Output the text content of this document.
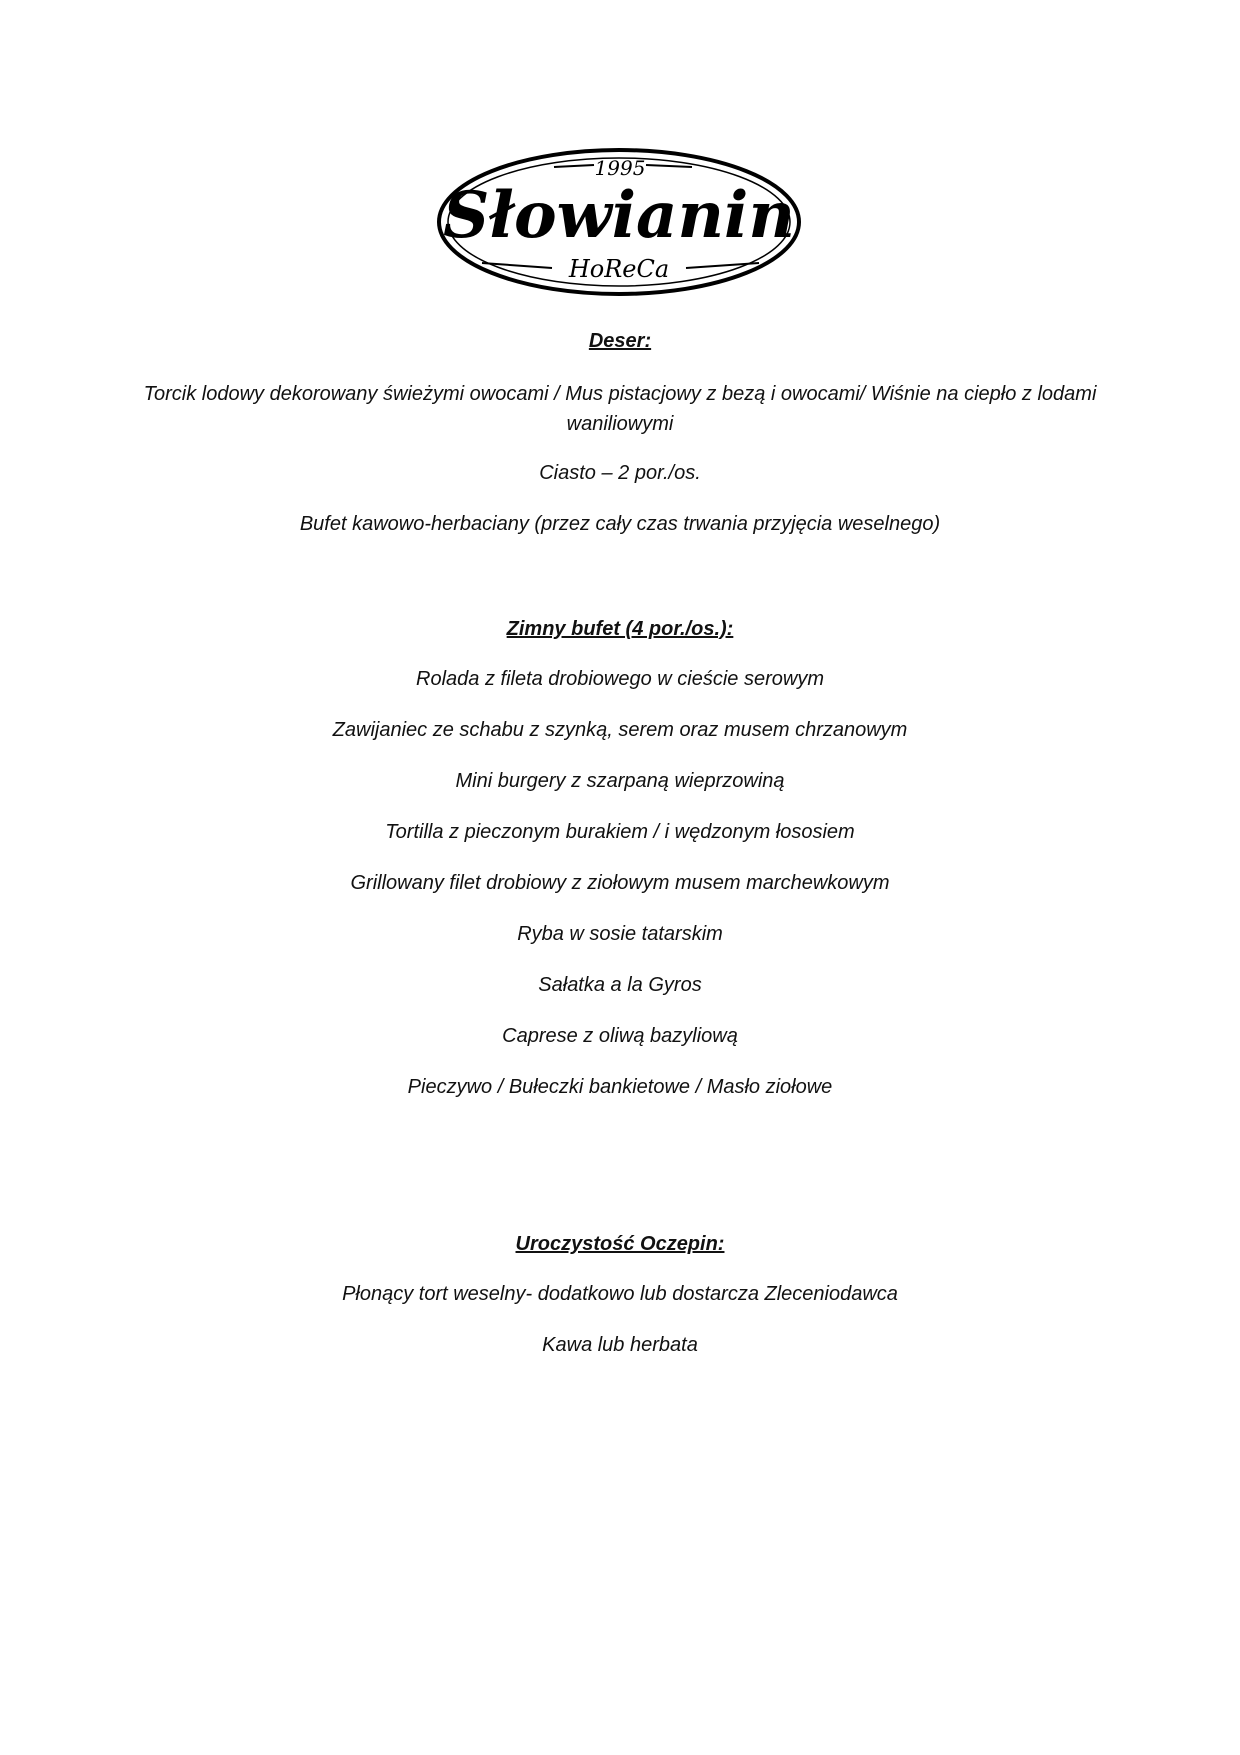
1995
Słowianin
HoReCa
Deser:

Torcik lodowy dekorowany świeżymi owocami / Mus pistacjowy z bezą i owocami/ Wiśnie na ciepło z lodami waniliowymi

Ciasto – 2 por./os.

Bufet kawowo-herbaciany (przez cały czas trwania przyjęcia weselnego)

Zimny bufet (4 por./os.):

Rolada z fileta drobiowego w cieście serowym

Zawijaniec ze schabu z szynką, serem oraz musem chrzanowym

Mini burgery z szarpaną wieprzowiną

Tortilla z pieczonym burakiem / i wędzonym łososiem

Grillowany filet drobiowy z ziołowym musem marchewkowym

Ryba w sosie tatarskim

Sałatka a la Gyros

Caprese z oliwą bazyliową

Pieczywo / Bułeczki bankietowe / Masło ziołowe

Uroczystość Oczepin:

Płonący tort weselny- dodatkowo lub dostarcza Zleceniodawca

Kawa lub herbata
